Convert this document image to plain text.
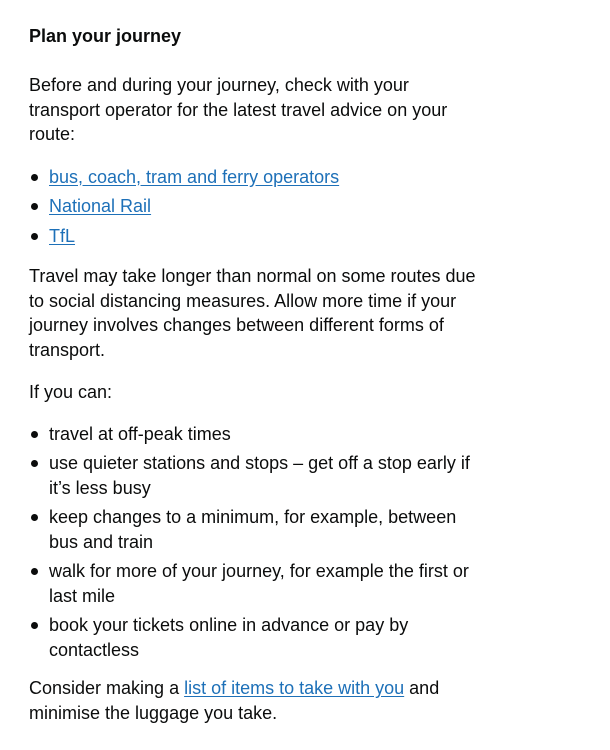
Plan your journey

Before and during your journey, check with your transport operator for the latest travel advice on your route:

bus, coach, tram and ferry operators
National Rail
TfL

Travel may take longer than normal on some routes due to social distancing measures. Allow more time if your journey involves changes between different forms of transport.

If you can:

travel at off-peak times
use quieter stations and stops – get off a stop early if it’s less busy
keep changes to a minimum, for example, between bus and train
walk for more of your journey, for example the first or last mile
book your tickets online in advance or pay by contactless

Consider making a list of items to take with you and minimise the luggage you take.
